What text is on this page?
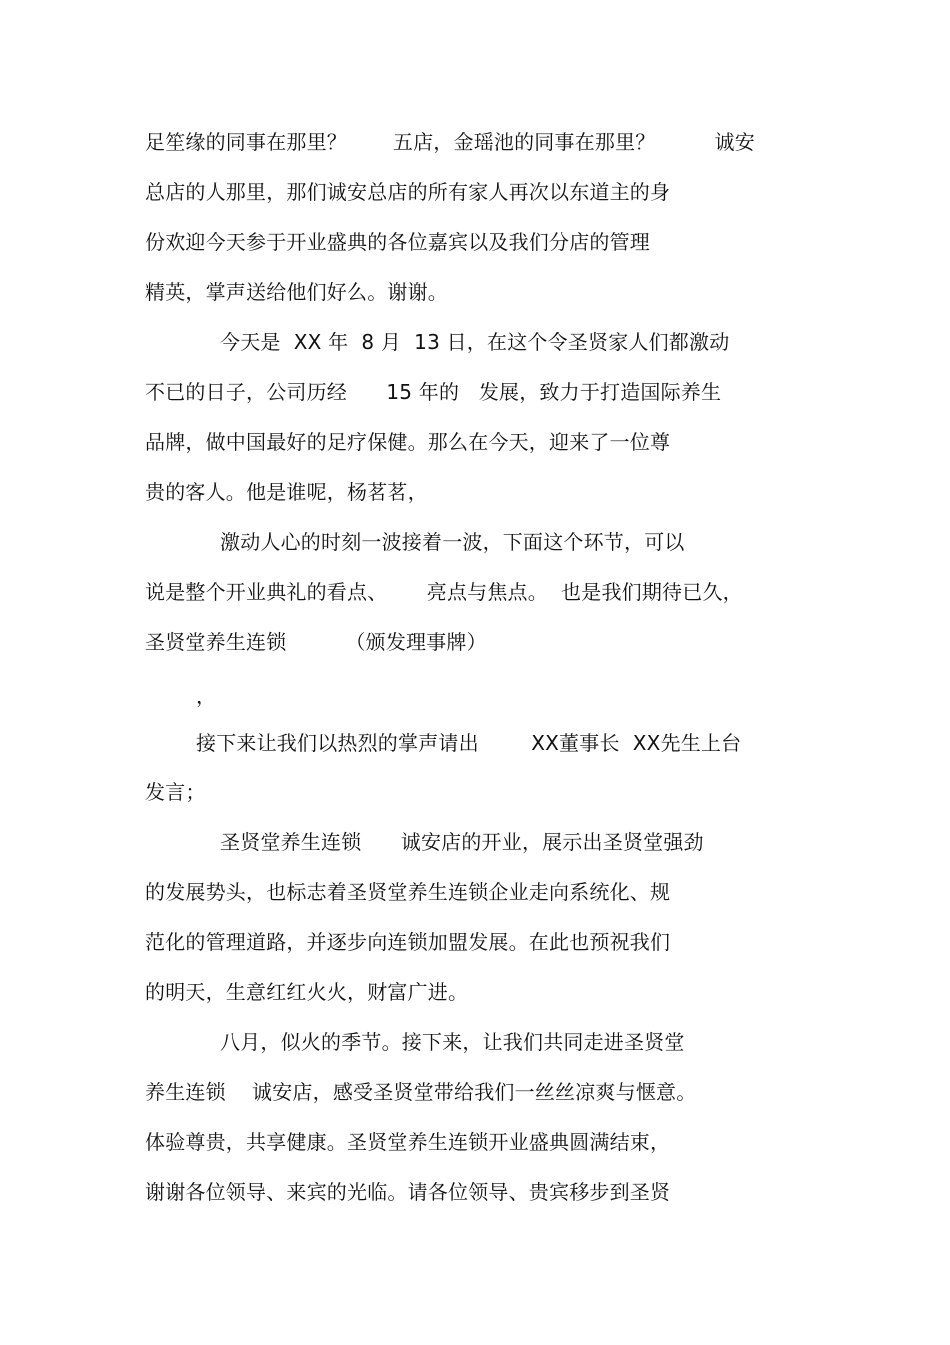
足笙缘的同事在那里？       五店，金瑶池的同事在那里？         诚安
总店的人那里，那们诚安总店的所有家人再次以东道主的身
份欢迎今天参于开业盛典的各位嘉宾以及我们分店的管理
精英，掌声送给他们好么。谢谢。
今天是  XX 年  8 月  13 日，在这个令圣贤家人们都激动
不已的日子，公司历经      15 年的   发展，致力于打造国际养生
品牌，做中国最好的足疗保健。那么在今天，迎来了一位尊
贵的客人。他是谁呢，杨茗茗，
激动人心的时刻一波接着一波，下面这个环节，可以
说是整个开业典礼的看点、      亮点与焦点。  也是我们期待已久，
圣贤堂养生连锁         （颁发理事牌）
，
接下来让我们以热烈的掌声请出        XX董事长  XX先生上台
发言；
圣贤堂养生连锁      诚安店的开业，展示出圣贤堂强劲
的发展势头，也标志着圣贤堂养生连锁企业走向系统化、规
范化的管理道路，并逐步向连锁加盟发展。在此也预祝我们
的明天，生意红红火火，财富广进。
八月，似火的季节。接下来，让我们共同走进圣贤堂
养生连锁    诚安店，感受圣贤堂带给我们一丝丝凉爽与惬意。
体验尊贵，共享健康。圣贤堂养生连锁开业盛典圆满结束，
谢谢各位领导、来宾的光临。请各位领导、贵宾移步到圣贤
